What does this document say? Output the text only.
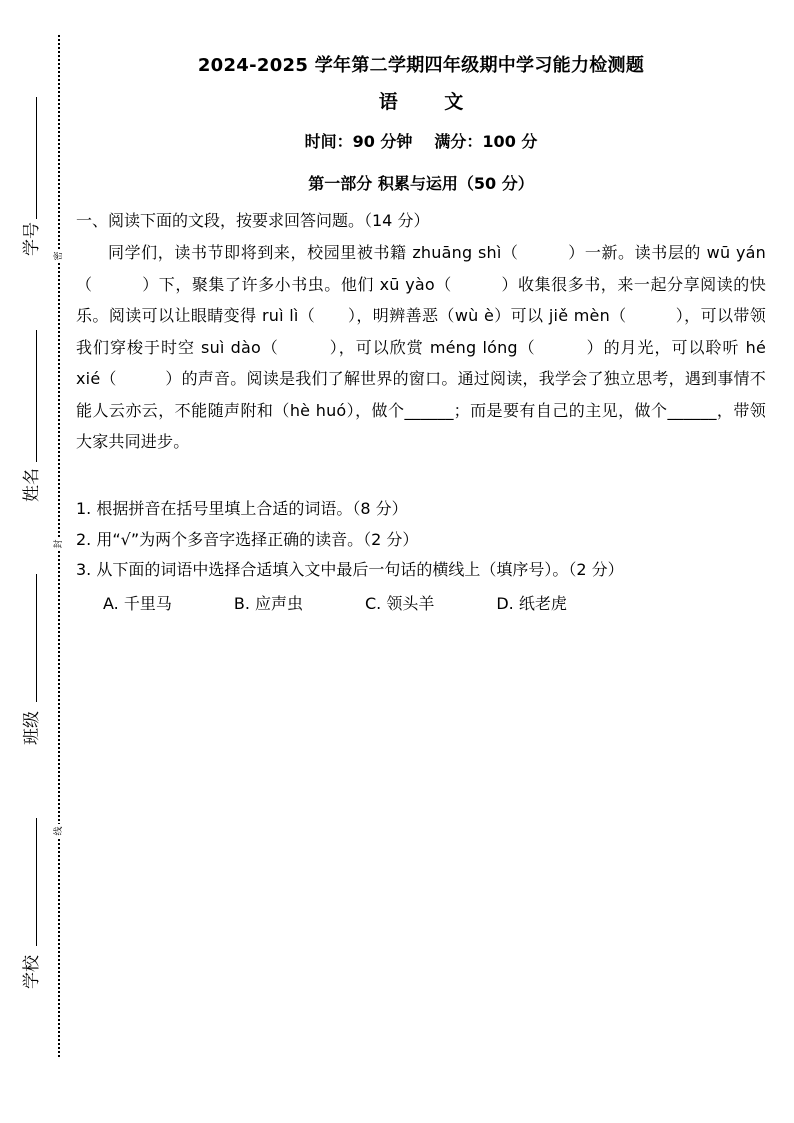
学号
姓名
班级
学校
密
封
线
2024-2025 学年第二学期四年级期中学习能力检测题
语 文
时间：90 分钟 满分：100 分
第一部分 积累与运用（50 分）
一、阅读下面的文段，按要求回答问题。（14 分）
同学们，读书节即将到来，校园里被书籍 zhuāng shì（　　　）一新。读书层的 wū yán（　　　）下，聚集了许多小书虫。他们 xū yào（　　　）收集很多书，来一起分享阅读的快乐。阅读可以让眼睛变得 ruì lì（　　），明辨善恶（wù è）可以 jiě mèn（　　　），可以带领我们穿梭于时空 suì dào（　　　），可以欣赏 méng lóng（　　　）的月光，可以聆听 hé xié（　　　）的声音。阅读是我们了解世界的窗口。通过阅读，我学会了独立思考，遇到事情不能人云亦云，不能随声附和（hè huó），做个______；而是要有自己的主见，做个______，带领大家共同进步。
1. 根据拼音在括号里填上合适的词语。（8 分）
2. 用“√”为两个多音字选择正确的读音。（2 分）
3. 从下面的词语中选择合适填入文中最后一句话的横线上（填序号）。（2 分）
A. 千里马	B. 应声虫	C. 领头羊	D. 纸老虎
